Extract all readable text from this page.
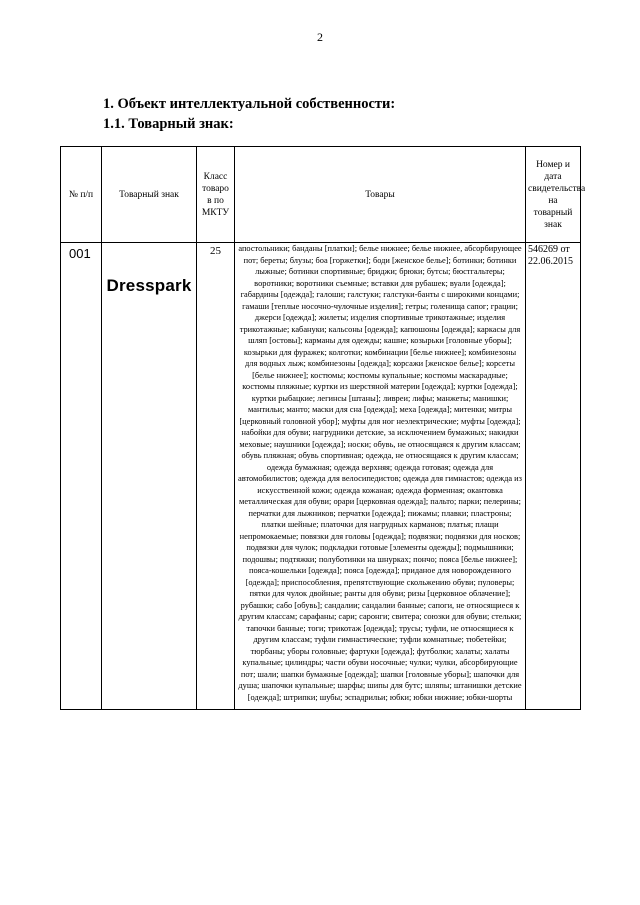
2
1. Объект интеллектуальной собственности:
1.1. Товарный знак:
№ п/п	Товарный знак	Класс товаро в по МКТУ	Товары	Номер и дата свидетельства на товарный знак
001	Dresspark	25	апостольники; банданы [платки]; белье нижнее; белье нижнее, абсорбирующее пот; береты; блузы; боа [горжетки]; боди [женское белье]; ботинки; ботинки лыжные; ботинки спортивные; бриджи; брюки; бутсы; бюстгальтеры; воротники; воротники съемные; вставки для рубашек; вуали [одежда]; габардины [одежда]; галоши; галстуки; галстуки-банты с широкими концами; гамаши [теплые носочно-чулочные изделия]; гетры; голенища сапог; грации; джерси [одежда]; жилеты; изделия спортивные трикотажные; изделия трикотажные; кабануки; кальсоны [одежда]; капюшоны [одежда]; каркасы для шляп [остовы]; карманы для одежды; кашне; козырьки [головные уборы]; козырьки для фуражек; колготки; комбинации [белье нижнее]; комбинезоны для водных лыж; комбинезоны [одежда]; корсажи [женское белье]; корсеты [белье нижнее]; костюмы; костюмы купальные; костюмы маскарадные; костюмы пляжные; куртки из шерстяной материи [одежда]; куртки [одежда]; куртки рыбацкие; легинсы [штаны]; ливреи; лифы; манжеты; манишки; мантильи; манто; маски для сна [одежда]; меха [одежда]; митенки; митры [церковный головной убор]; муфты для ног неэлектрические; муфты [одежда]; набойки для обуви; нагрудники детские, за исключением бумажных; накидки меховые; наушники [одежда]; носки; обувь, не относящаяся к другим классам; обувь пляжная; обувь спортивная; одежда, не относящаяся к другим классам; одежда бумажная; одежда верхняя; одежда готовая; одежда для автомобилистов; одежда для велосипедистов; одежда для гимнастов; одежда из искусственной кожи; одежда кожаная; одежда форменная; окантовка металлическая для обуви; орари [церковная одежда]; пальто; парки; пелерины; перчатки для лыжников; перчатки [одежда]; пижамы; плавки; пластроны; платки шейные; платочки для нагрудных карманов; платья; плащи непромокаемые; повязки для головы [одежда]; подвязки; подвязки для носков; подвязки для чулок; подкладки готовые [элементы одежды]; подмышники; подошвы; подтяжки; полуботинки на шнурках; пончо; пояса [белье нижнее]; пояса-кошельки [одежда]; пояса [одежда]; приданое для новорожденного [одежда]; приспособления, препятствующие скольжению обуви; пуловеры; пятки для чулок двойные; ранты для обуви; ризы [церковное облачение]; рубашки; сабо [обувь]; сандалии; сандалии банные; сапоги, не относящиеся к другим классам; сарафаны; сари; саронги; свитера; союзки для обуви; стельки; тапочки банные; тоги; трикотаж [одежда]; трусы; туфли, не относящиеся к другим классам; туфли гимнастические; туфли комнатные; тюбетейки; тюрбаны; уборы головные; фартуки [одежда]; футболки; халаты; халаты купальные; цилиндры; части обуви носочные; чулки; чулки, абсорбирующие пот; шали; шапки бумажные [одежда]; шапки [головные уборы]; шапочки для душа; шапочки купальные; шарфы; шипы для бутс; шляпы; штанишки детские [одежда]; штрипки; шубы; эспадрильи; юбки; юбки нижние; юбки-шорты	546269 от 22.06.2015
